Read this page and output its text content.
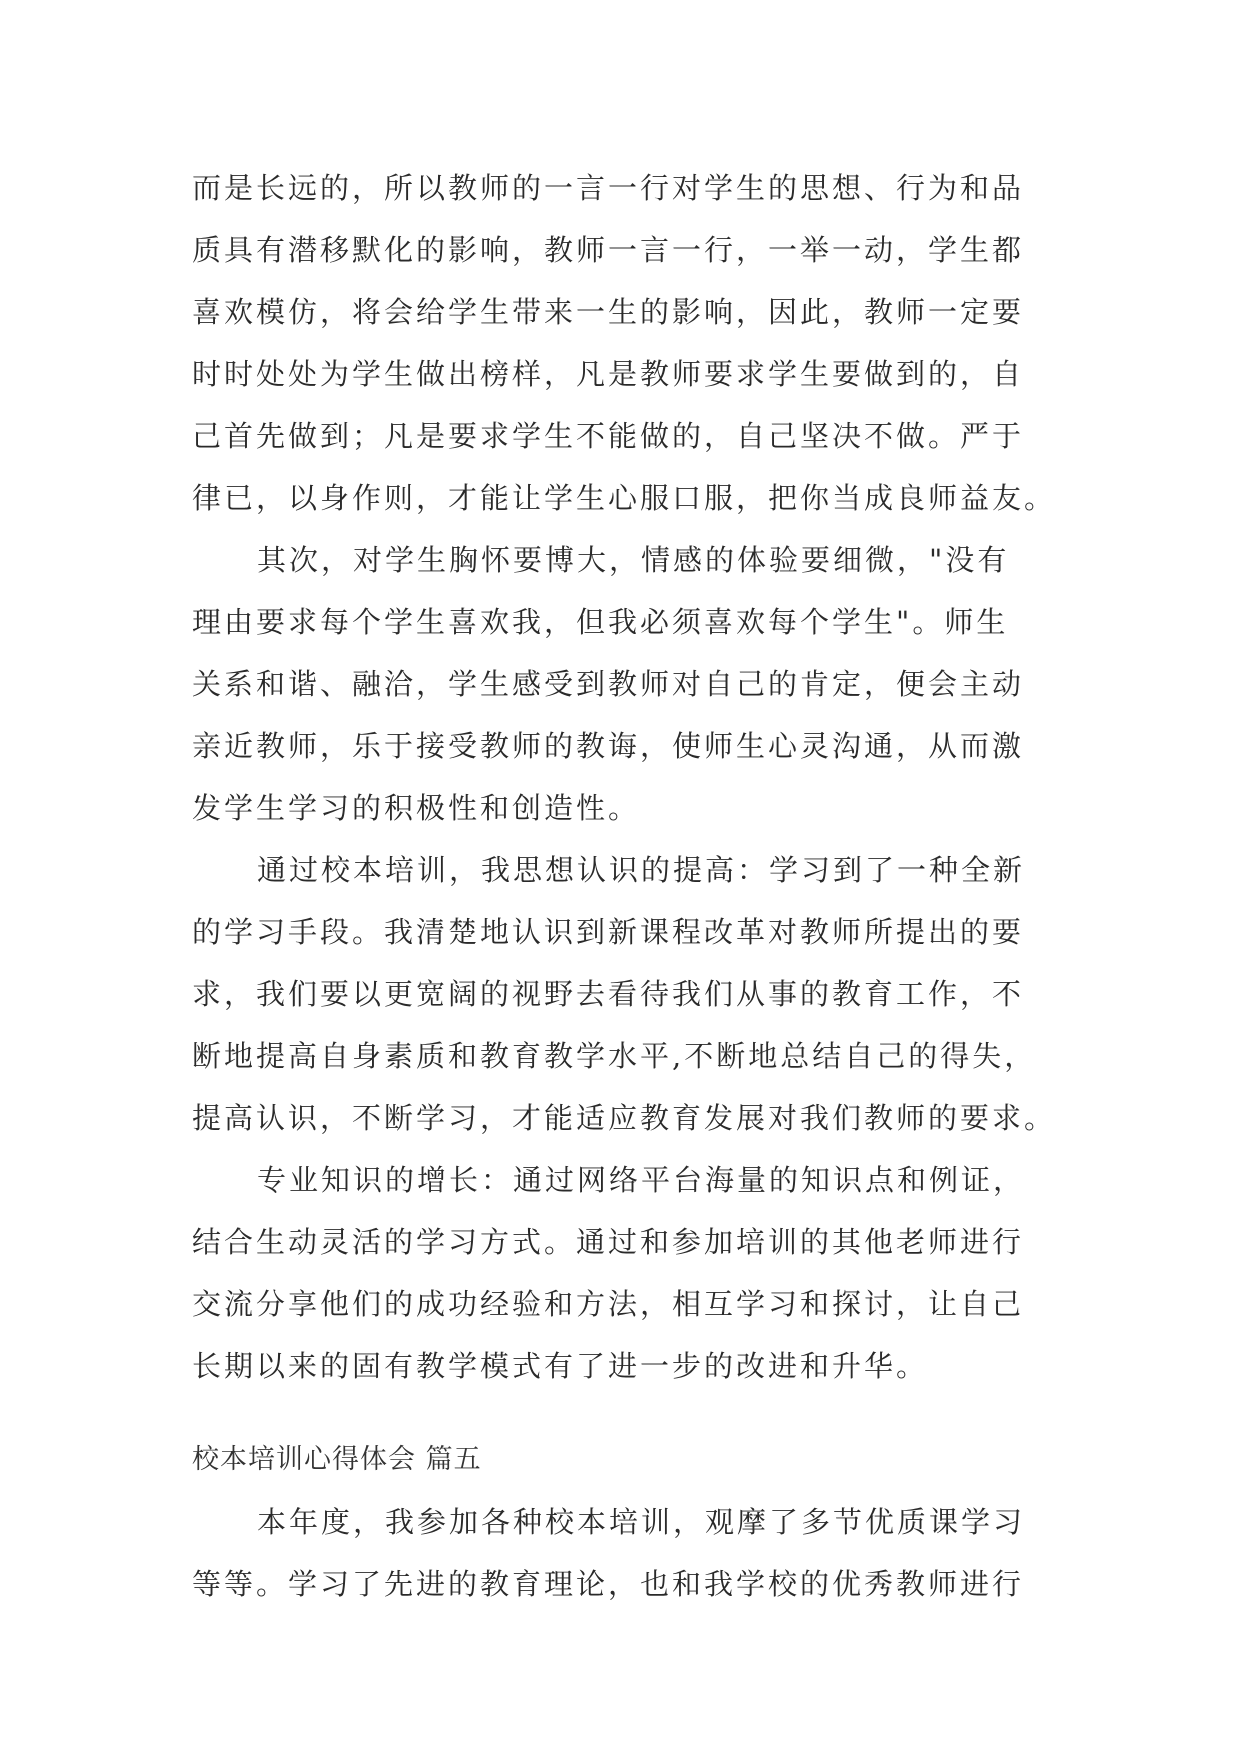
而是长远的，所以教师的一言一行对学生的思想、行为和品
质具有潜移默化的影响，教师一言一行，一举一动，学生都
喜欢模仿，将会给学生带来一生的影响，因此，教师一定要
时时处处为学生做出榜样，凡是教师要求学生要做到的，自
己首先做到；凡是要求学生不能做的，自己坚决不做。严于
律已，以身作则，才能让学生心服口服，把你当成良师益友。
其次，对学生胸怀要博大，情感的体验要细微，"没有
理由要求每个学生喜欢我，但我必须喜欢每个学生"。师生
关系和谐、融洽，学生感受到教师对自己的肯定，便会主动
亲近教师，乐于接受教师的教诲，使师生心灵沟通，从而激
发学生学习的积极性和创造性。
通过校本培训，我思想认识的提高：学习到了一种全新
的学习手段。我清楚地认识到新课程改革对教师所提出的要
求，我们要以更宽阔的视野去看待我们从事的教育工作，不
断地提高自身素质和教育教学水平,不断地总结自己的得失，
提高认识，不断学习，才能适应教育发展对我们教师的要求。
专业知识的增长：通过网络平台海量的知识点和例证，
结合生动灵活的学习方式。通过和参加培训的其他老师进行
交流分享他们的成功经验和方法，相互学习和探讨，让自己
长期以来的固有教学模式有了进一步的改进和升华。
校本培训心得体会 篇五
本年度，我参加各种校本培训，观摩了多节优质课学习
等等。学习了先进的教育理论，也和我学校的优秀教师进行
